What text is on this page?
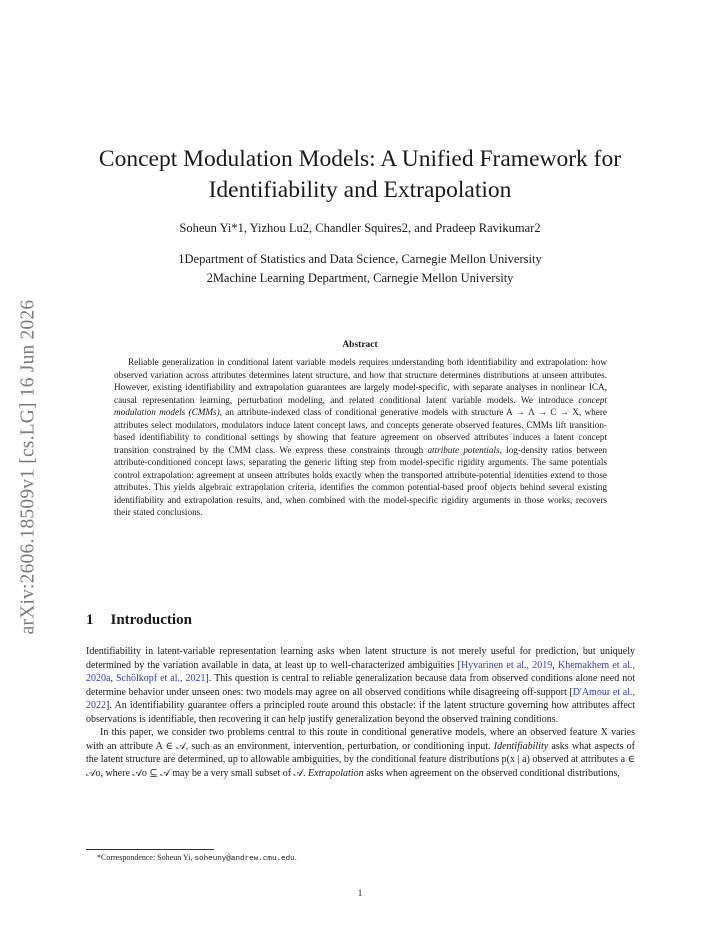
arXiv:2606.18509v1 [cs.LG] 16 Jun 2026
Concept Modulation Models: A Unified Framework for
Identifiability and Extrapolation
Soheun Yi*1, Yizhou Lu2, Chandler Squires2, and Pradeep Ravikumar2
1Department of Statistics and Data Science, Carnegie Mellon University
2Machine Learning Department, Carnegie Mellon University
Abstract
Reliable generalization in conditional latent variable models requires understanding both identifiability and extrapolation: how observed variation across attributes determines latent structure, and how that structure determines distributions at unseen attributes. However, existing identifiability and extrapolation guarantees are largely model-specific, with separate analyses in nonlinear ICA, causal representation learning, perturbation modeling, and related conditional latent variable models. We introduce concept modulation models (CMMs), an attribute-indexed class of conditional generative models with structure A → Λ → C → X, where attributes select modulators, modulators induce latent concept laws, and concepts generate observed features. CMMs lift transition-based identifiability to conditional settings by showing that feature agreement on observed attributes induces a latent concept transition constrained by the CMM class. We express these constraints through attribute potentials, log-density ratios between attribute-conditioned concept laws, separating the generic lifting step from model-specific rigidity arguments. The same potentials control extrapolation: agreement at unseen attributes holds exactly when the transported attribute-potential identities extend to those attributes. This yields algebraic extrapolation criteria, identifies the common potential-based proof objects behind several existing identifiability and extrapolation results, and, when combined with the model-specific rigidity arguments in those works, recovers their stated conclusions.
1 Introduction

Identifiability in latent-variable representation learning asks when latent structure is not merely useful for prediction, but uniquely determined by the variation available in data, at least up to well-characterized ambiguities [Hyvarinen et al., 2019, Khemakhem et al., 2020a, Schölkopf et al., 2021]. This question is central to reliable generalization because data from observed conditions alone need not determine behavior under unseen ones: two models may agree on all observed conditions while disagreeing off-support [D'Amour et al., 2022]. An identifiability guarantee offers a principled route around this obstacle: if the latent structure governing how attributes affect observations is identifiable, then recovering it can help justify generalization beyond the observed training conditions.

In this paper, we consider two problems central to this route in conditional generative models, where an observed feature X varies with an attribute A ∈ 𝒜, such as an environment, intervention, perturbation, or conditioning input. Identifiability asks what aspects of the latent structure are determined, up to allowable ambiguities, by the conditional feature distributions p(x | a) observed at attributes a ∈ 𝒜o, where 𝒜o ⊆ 𝒜 may be a very small subset of 𝒜. Extrapolation asks when agreement on the observed conditional distributions,

*Correspondence: Soheun Yi, soheuny@andrew.cmu.edu.
1
